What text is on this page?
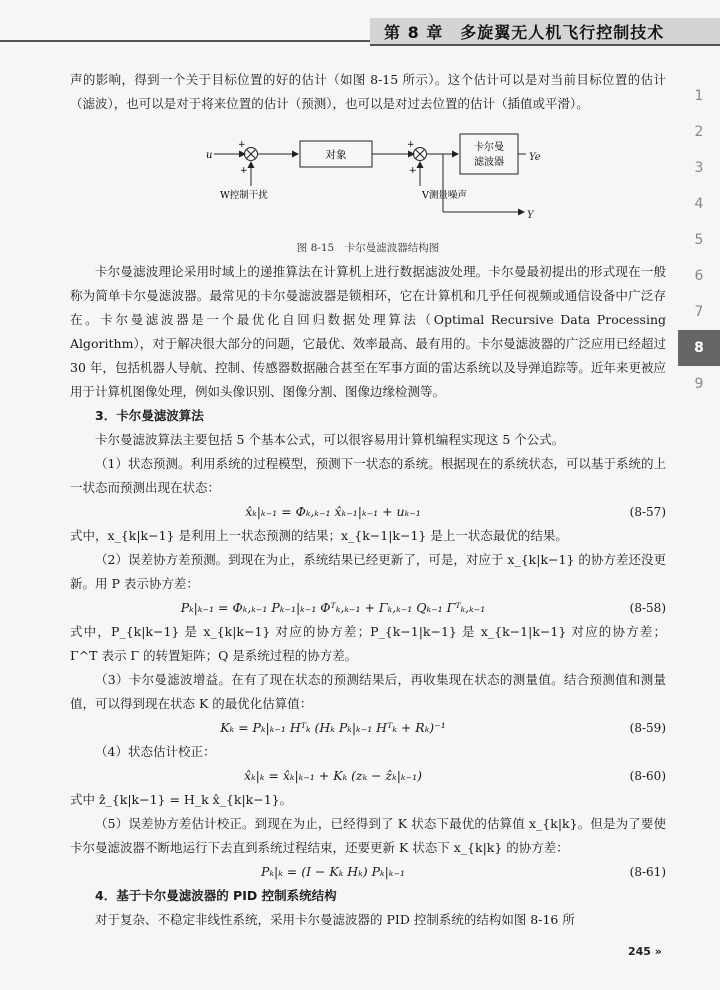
第 8 章　多旋翼无人机飞行控制技术
1
2
3
4
5
6
7
8
9
声的影响，得到一个关于目标位置的好的估计（如图 8-15 所示）。这个估计可以是对当前目标位置的估计（滤波），也可以是对于将来位置的估计（预测），也可以是对过去位置的估计（插值或平滑）。
u
+
+
W控制干扰
对象
+
+
V测量噪声
卡尔曼
滤波器	Ye
Y
图 8-15　卡尔曼滤波器结构图
卡尔曼滤波理论采用时域上的递推算法在计算机上进行数据滤波处理。卡尔曼最初提出的形式现在一般称为简单卡尔曼滤波器。最常见的卡尔曼滤波器是锁相环，它在计算机和几乎任何视频或通信设备中广泛存在。卡尔曼滤波器是一个最优化自回归数据处理算法（Optimal Recursive Data Processing Algorithm），对于解决很大部分的问题，它最优、效率最高、最有用的。卡尔曼滤波器的广泛应用已经超过 30 年，包括机器人导航、控制、传感器数据融合甚至在军事方面的雷达系统以及导弹追踪等。近年来更被应用于计算机图像处理，例如头像识别、图像分割、图像边缘检测等。
3．卡尔曼滤波算法
卡尔曼滤波算法主要包括 5 个基本公式，可以很容易用计算机编程实现这 5 个公式。
（1）状态预测。利用系统的过程模型，预测下一状态的系统。根据现在的系统状态，可以基于系统的上一状态而预测出现在状态：
x̂ₖ|ₖ₋₁ = Φₖ,ₖ₋₁ x̂ₖ₋₁|ₖ₋₁ + uₖ₋₁	(8-57)
式中，x_{k|k−1} 是利用上一状态预测的结果；x_{k−1|k−1} 是上一状态最优的结果。
（2）误差协方差预测。到现在为止，系统结果已经更新了，可是，对应于 x_{k|k−1} 的协方差还没更新。用 P 表示协方差：
Pₖ|ₖ₋₁ = Φₖ,ₖ₋₁ Pₖ₋₁|ₖ₋₁ Φᵀₖ,ₖ₋₁ + Γₖ,ₖ₋₁ Qₖ₋₁ Γᵀₖ,ₖ₋₁	(8-58)
式中，P_{k|k−1} 是 x_{k|k−1} 对应的协方差；P_{k−1|k−1} 是 x_{k−1|k−1} 对应的协方差；Γ^T 表示 Γ 的转置矩阵；Q 是系统过程的协方差。
（3）卡尔曼滤波增益。在有了现在状态的预测结果后，再收集现在状态的测量值。结合预测值和测量值，可以得到现在状态 K 的最优化估算值：
Kₖ = Pₖ|ₖ₋₁ Hᵀₖ (Hₖ Pₖ|ₖ₋₁ Hᵀₖ + Rₖ)⁻¹	(8-59)
（4）状态估计校正：
x̂ₖ|ₖ = x̂ₖ|ₖ₋₁ + Kₖ (zₖ − ẑₖ|ₖ₋₁)	(8-60)
式中 ẑ_{k|k−1} = H_k x̂_{k|k−1}。
（5）误差协方差估计校正。到现在为止，已经得到了 K 状态下最优的估算值 x_{k|k}。但是为了要使卡尔曼滤波器不断地运行下去直到系统过程结束，还要更新 K 状态下 x_{k|k} 的协方差：
Pₖ|ₖ = (I − Kₖ Hₖ) Pₖ|ₖ₋₁	(8-61)
4．基于卡尔曼滤波器的 PID 控制系统结构
对于复杂、不稳定非线性系统，采用卡尔曼滤波器的 PID 控制系统的结构如图 8-16 所
245 »
